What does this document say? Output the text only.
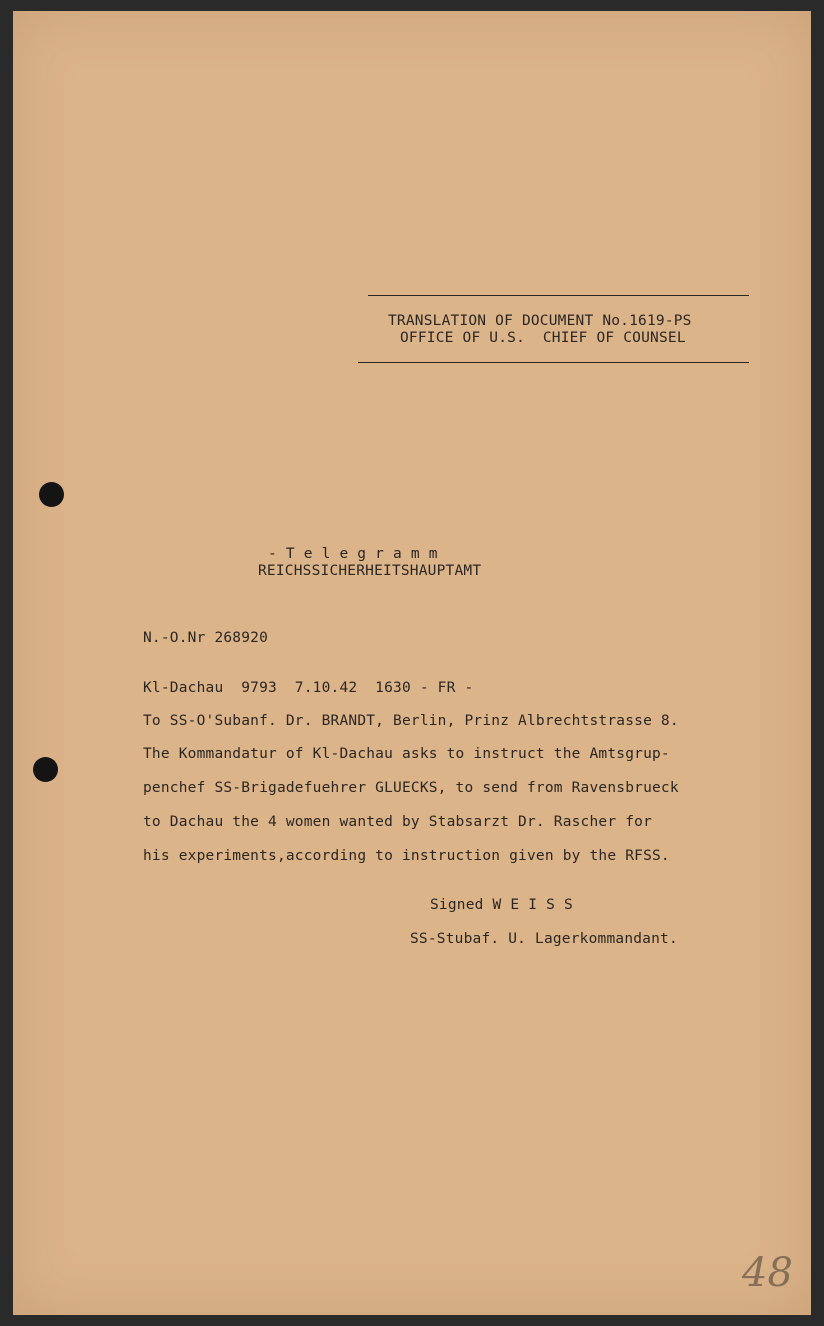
TRANSLATION OF DOCUMENT No.1619-PS
OFFICE OF U.S.  CHIEF OF COUNSEL
- T e l e g r a m m
REICHSSICHERHEITSHAUPTAMT
N.-O.Nr 268920
Kl-Dachau  9793  7.10.42  1630 - FR -
To SS-O'Subanf. Dr. BRANDT, Berlin, Prinz Albrechtstrasse 8.
The Kommandatur of Kl-Dachau asks to instruct the Amtsgrup-
penchef SS-Brigadefuehrer GLUECKS, to send from Ravensbrueck
to Dachau the 4 women wanted by Stabsarzt Dr. Rascher for
his experiments,according to instruction given by the RFSS.
Signed W E I S S
SS-Stubaf. U. Lagerkommandant.
48
